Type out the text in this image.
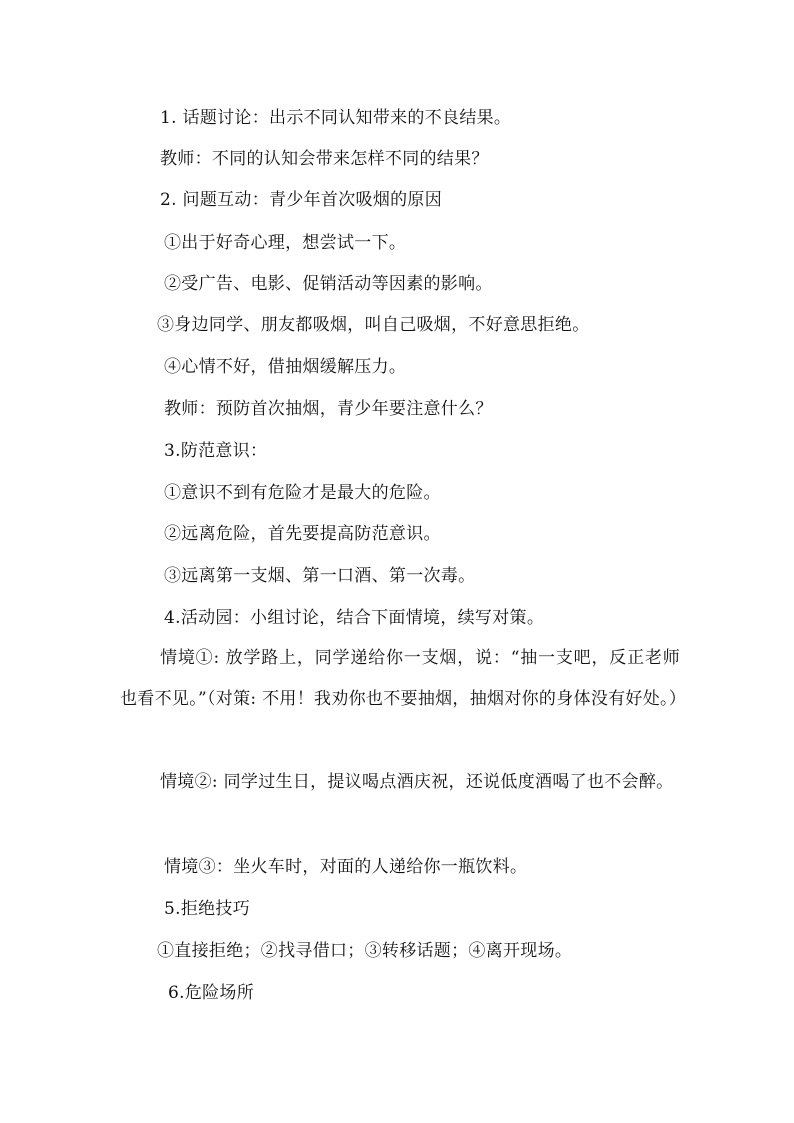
1. 话题讨论：出示不同认知带来的不良结果。
教师：不同的认知会带来怎样不同的结果？
2. 问题互动：青少年首次吸烟的原因
①出于好奇心理，想尝试一下。
②受广告、电影、促销活动等因素的影响。
③身边同学、朋友都吸烟，叫自己吸烟，不好意思拒绝。
④心情不好，借抽烟缓解压力。
教师：预防首次抽烟，青少年要注意什么？
3.防范意识：
①意识不到有危险才是最大的危险。
②远离危险，首先要提高防范意识。
③远离第一支烟、第一口酒、第一次毒。
4.活动园：小组讨论，结合下面情境，续写对策。
情境①: 放学路上，同学递给你一支烟，说：“抽一支吧，反正老师也看不见。”（对策: 不用！我劝你也不要抽烟，抽烟对你的身体没有好处。）
情境②: 同学过生日，提议喝点酒庆祝，还说低度酒喝了也不会醉。
情境③：坐火车时，对面的人递给你一瓶饮料。
5.拒绝技巧
①直接拒绝；②找寻借口；③转移话题；④离开现场。
6.危险场所
